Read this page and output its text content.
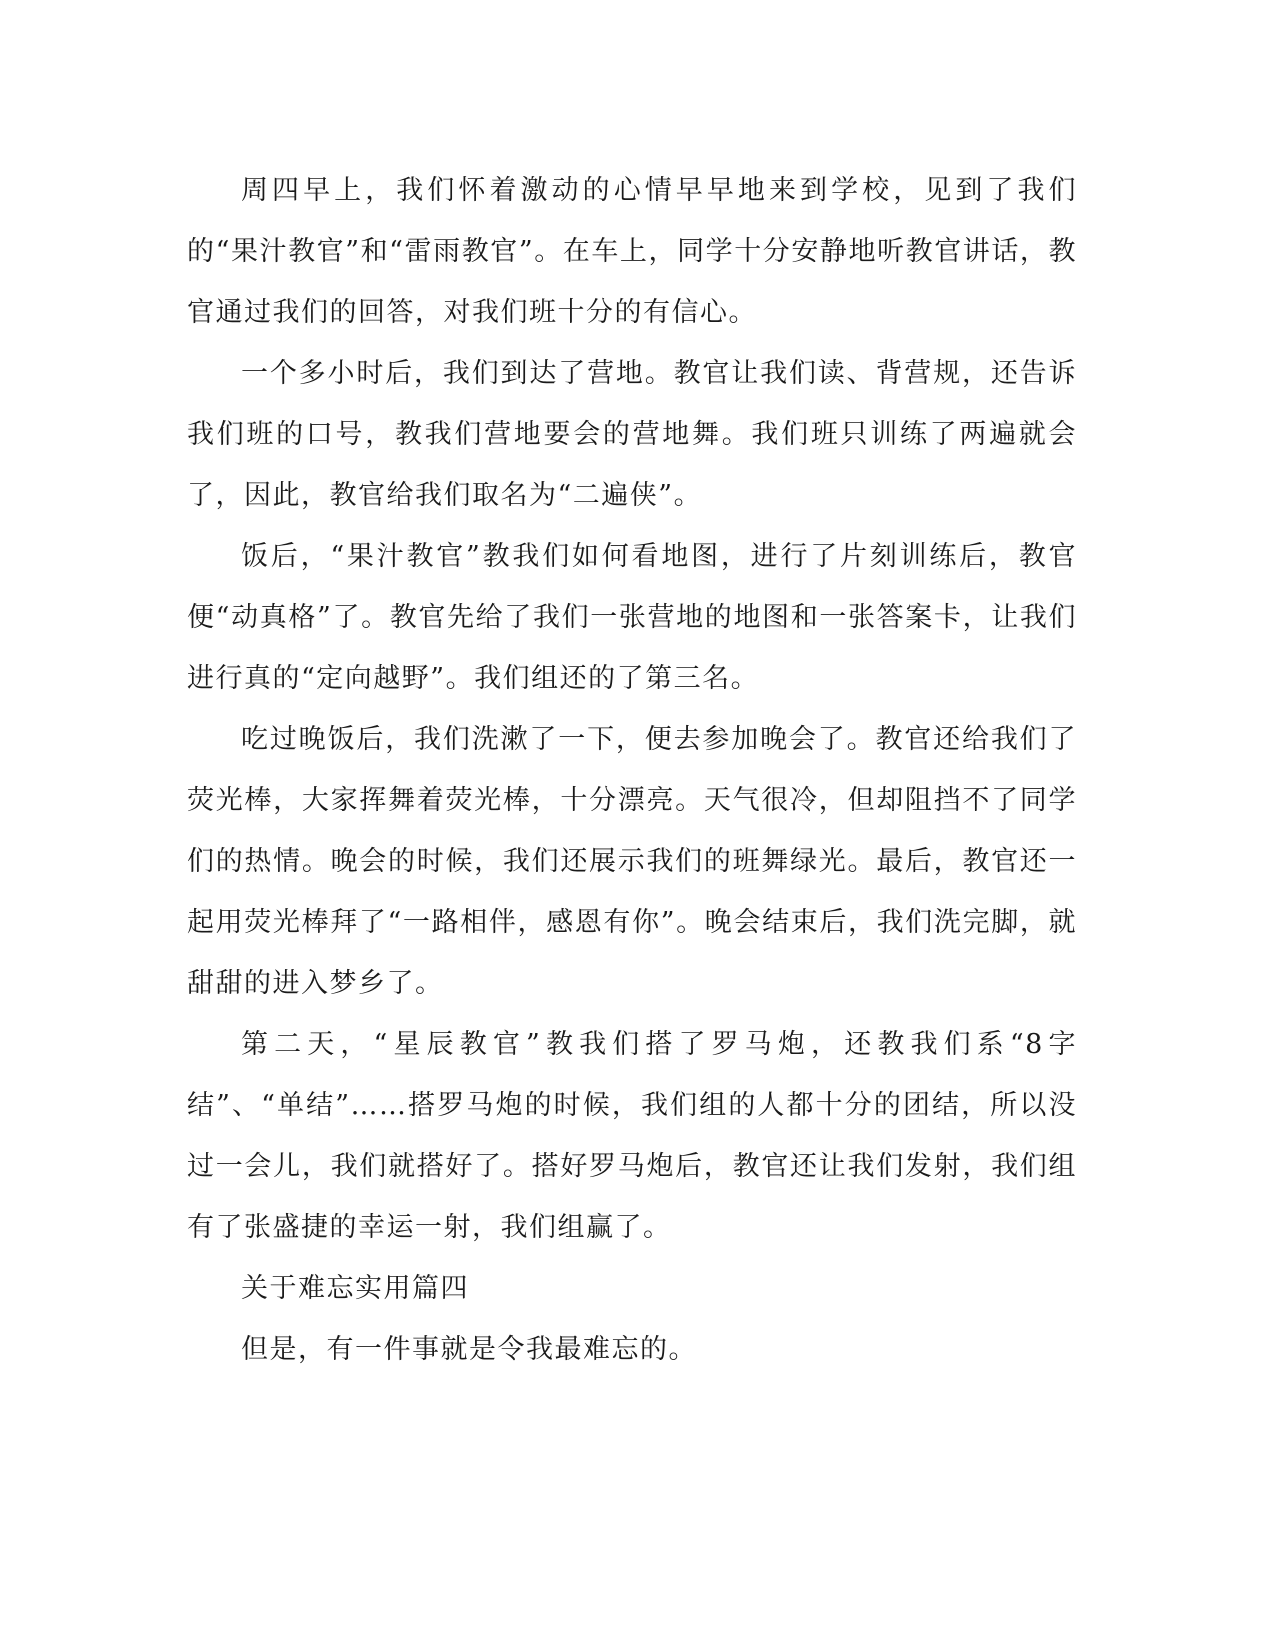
周四早上，我们怀着激动的心情早早地来到学校，见到了我们的“果汁教官”和“雷雨教官”。在车上，同学十分安静地听教官讲话，教官通过我们的回答，对我们班十分的有信心。

一个多小时后，我们到达了营地。教官让我们读、背营规，还告诉我们班的口号，教我们营地要会的营地舞。我们班只训练了两遍就会了，因此，教官给我们取名为“二遍侠”。

饭后，“果汁教官”教我们如何看地图，进行了片刻训练后，教官便“动真格”了。教官先给了我们一张营地的地图和一张答案卡，让我们进行真的“定向越野”。我们组还的了第三名。

吃过晚饭后，我们洗漱了一下，便去参加晚会了。教官还给我们了荧光棒，大家挥舞着荧光棒，十分漂亮。天气很冷，但却阻挡不了同学们的热情。晚会的时候，我们还展示我们的班舞绿光。最后，教官还一起用荧光棒拜了“一路相伴，感恩有你”。晚会结束后，我们洗完脚，就甜甜的进入梦乡了。

第二天，“星辰教官”教我们搭了罗马炮，还教我们系“8字结”、“单结”……搭罗马炮的时候，我们组的人都十分的团结，所以没过一会儿，我们就搭好了。搭好罗马炮后，教官还让我们发射，我们组有了张盛捷的幸运一射，我们组赢了。

关于难忘实用篇四

但是，有一件事就是令我最难忘的。
